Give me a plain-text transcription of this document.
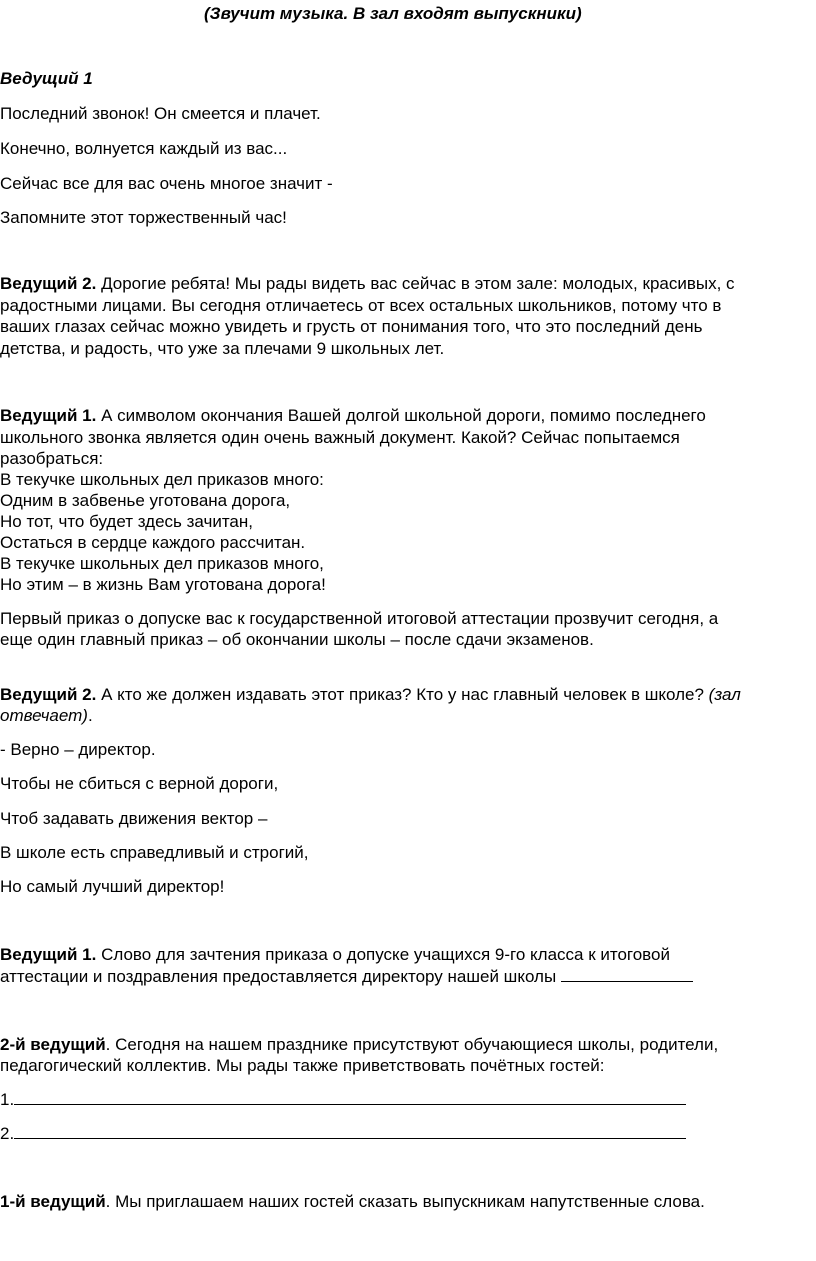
(Звучит музыка. В зал входят выпускники)
Ведущий 1
Последний звонок! Он смеется и плачет.
Конечно, волнуется каждый из вас...
Сейчас все для вас очень многое значит -
Запомните этот торжественный час!
Ведущий 2. Дорогие ребята! Мы рады видеть вас сейчас в этом зале: молодых, красивых, с
радостными лицами. Вы сегодня отличаетесь от всех остальных школьников, потому что в
ваших глазах сейчас можно увидеть и грусть от понимания того, что это последний день
детства, и радость, что уже за плечами 9 школьных лет.
Ведущий 1. А символом окончания Вашей долгой школьной дороги, помимо последнего
школьного звонка является один очень важный документ. Какой? Сейчас попытаемся
разобраться:
В текучке школьных дел приказов много:
Одним в забвенье уготована дорога,
Но тот, что будет здесь зачитан,
Остаться в сердце каждого рассчитан.
В текучке школьных дел приказов много,
Но этим – в жизнь Вам уготована дорога!
Первый приказ о допуске вас к государственной итоговой аттестации прозвучит сегодня, а
еще один главный приказ – об окончании школы – после сдачи экзаменов.
Ведущий 2. А кто же должен издавать этот приказ? Кто у нас главный человек в школе? (зал
отвечает).
- Верно – директор.
Чтобы не сбиться с верной дороги,
Чтоб задавать движения вектор –
В школе есть справедливый и строгий,
Но самый лучший директор!
Ведущий 1. Слово для зачтения приказа о допуске учащихся 9-го класса к итоговой
аттестации и поздравления предоставляется директору нашей школы
2-й ведущий. Сегодня на нашем празднике присутствуют обучающиеся школы, родители,
педагогический коллектив. Мы рады также приветствовать почётных гостей:
1.
2.
1-й ведущий. Мы приглашаем наших гостей сказать выпускникам напутственные слова.
